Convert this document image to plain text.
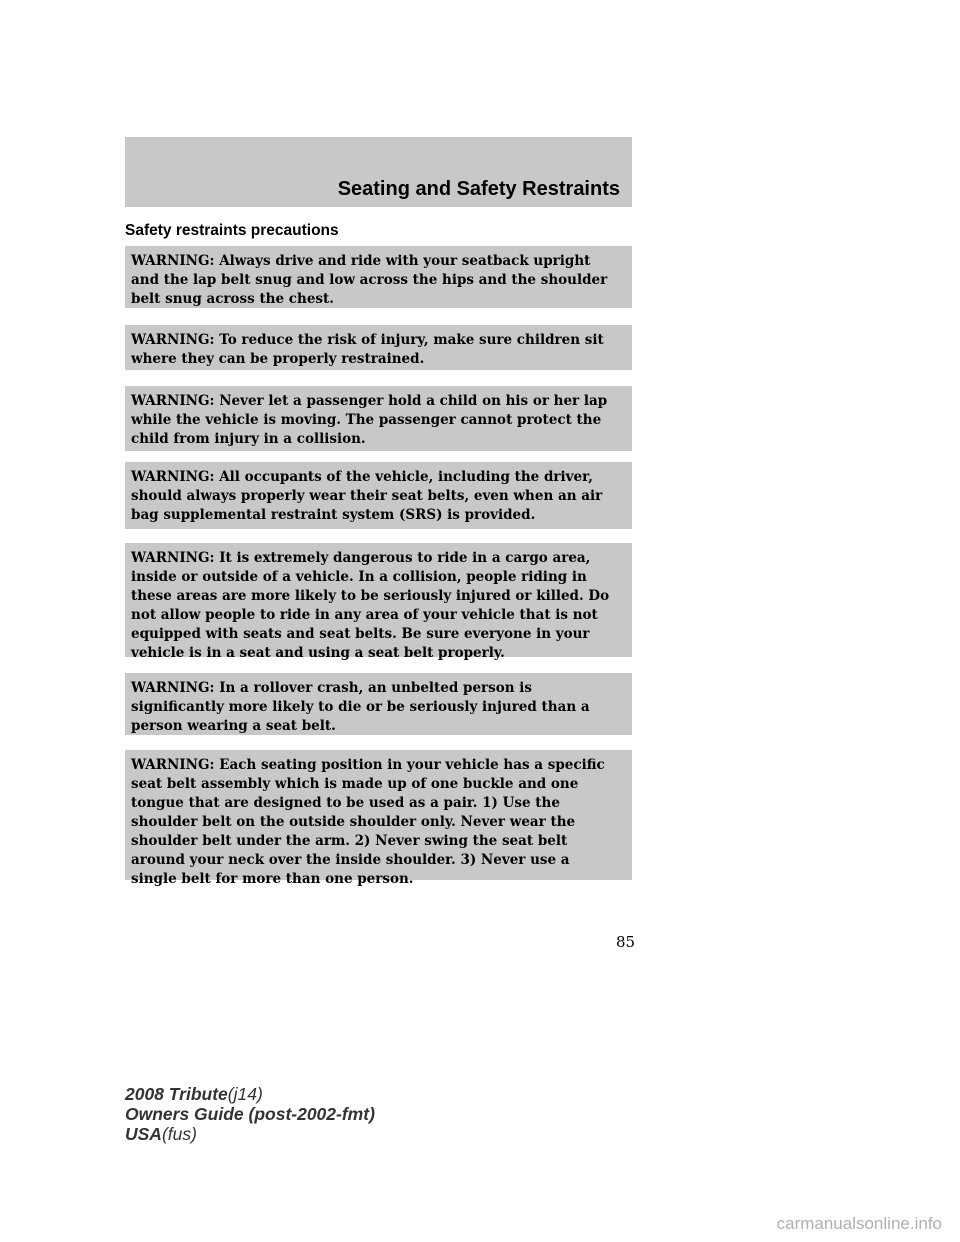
Seating and Safety Restraints
Safety restraints precautions
WARNING: Always drive and ride with your seatback upright
and the lap belt snug and low across the hips and the shoulder
belt snug across the chest.
WARNING: To reduce the risk of injury, make sure children sit
where they can be properly restrained.
WARNING: Never let a passenger hold a child on his or her lap
while the vehicle is moving. The passenger cannot protect the
child from injury in a collision.
WARNING: All occupants of the vehicle, including the driver,
should always properly wear their seat belts, even when an air
bag supplemental restraint system (SRS) is provided.
WARNING: It is extremely dangerous to ride in a cargo area,
inside or outside of a vehicle. In a collision, people riding in
these areas are more likely to be seriously injured or killed. Do
not allow people to ride in any area of your vehicle that is not
equipped with seats and seat belts. Be sure everyone in your
vehicle is in a seat and using a seat belt properly.
WARNING: In a rollover crash, an unbelted person is
significantly more likely to die or be seriously injured than a
person wearing a seat belt.
WARNING: Each seating position in your vehicle has a specific
seat belt assembly which is made up of one buckle and one
tongue that are designed to be used as a pair. 1) Use the
shoulder belt on the outside shoulder only. Never wear the
shoulder belt under the arm. 2) Never swing the seat belt
around your neck over the inside shoulder. 3) Never use a
single belt for more than one person.
85
2008 Tribute(j14)
Owners Guide (post-2002-fmt)
USA(fus)
carmanualsonline.info
